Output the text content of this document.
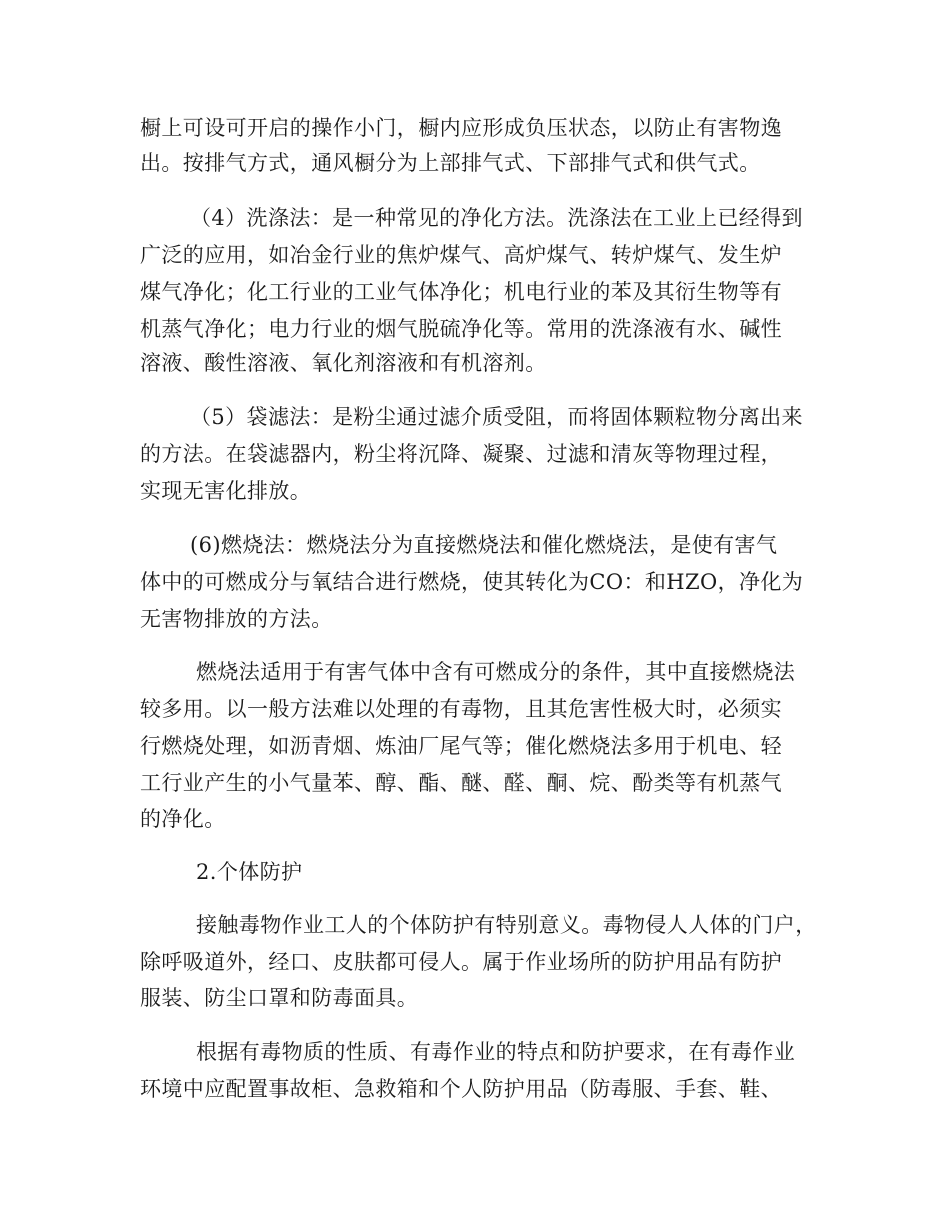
橱上可设可开启的操作小门，橱内应形成负压状态，以防止有害物逸
出。按排气方式，通风橱分为上部排气式、下部排气式和供气式。
（4）洗涤法：是一种常见的净化方法。洗涤法在工业上已经得到
广泛的应用，如冶金行业的焦炉煤气、高炉煤气、转炉煤气、发生炉
煤气净化；化工行业的工业气体净化；机电行业的苯及其衍生物等有
机蒸气净化；电力行业的烟气脱硫净化等。常用的洗涤液有水、碱性
溶液、酸性溶液、氧化剂溶液和有机溶剂。
（5）袋滤法：是粉尘通过滤介质受阻，而将固体颗粒物分离出来
的方法。在袋滤器内，粉尘将沉降、凝聚、过滤和清灰等物理过程，
实现无害化排放。
(6)燃烧法：燃烧法分为直接燃烧法和催化燃烧法，是使有害气
体中的可燃成分与氧结合进行燃烧，使其转化为CO：和HZO，净化为
无害物排放的方法。
燃烧法适用于有害气体中含有可燃成分的条件，其中直接燃烧法
较多用。以一般方法难以处理的有毒物，且其危害性极大时，必须实
行燃烧处理，如沥青烟、炼油厂尾气等；催化燃烧法多用于机电、轻
工行业产生的小气量苯、醇、酯、醚、醛、酮、烷、酚类等有机蒸气
的净化。
2.个体防护
接触毒物作业工人的个体防护有特别意义。毒物侵人人体的门户，
除呼吸道外，经口、皮肤都可侵人。属于作业场所的防护用品有防护
服装、防尘口罩和防毒面具。
根据有毒物质的性质、有毒作业的特点和防护要求，在有毒作业
环境中应配置事故柜、急救箱和个人防护用品（防毒服、手套、鞋、
